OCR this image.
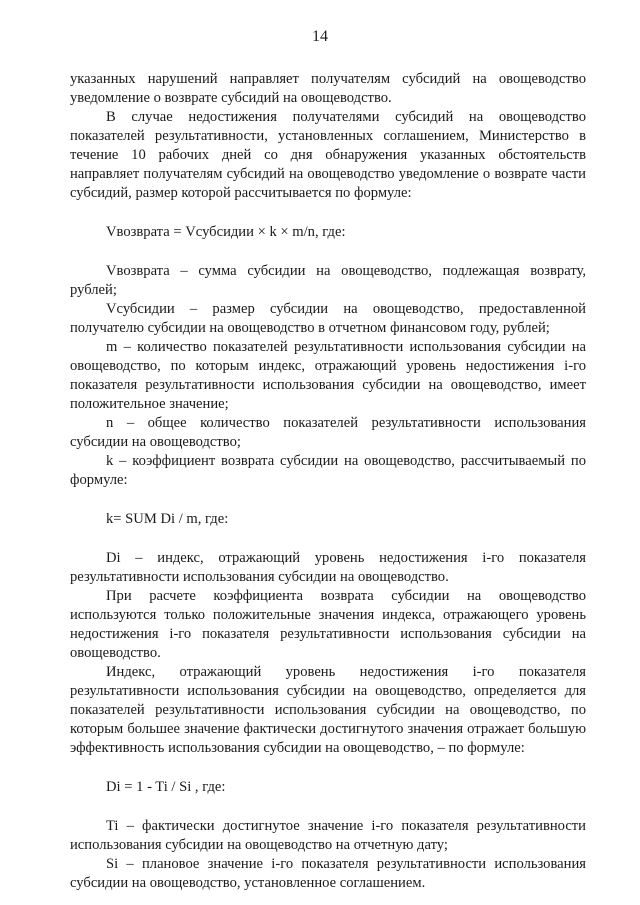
14

указанных нарушений направляет получателям субсидий на овощеводство уведомление о возврате субсидий на овощеводство.

В случае недостижения получателями субсидий на овощеводство показателей результативности, установленных соглашением, Министерство в течение 10 рабочих дней со дня обнаружения указанных обстоятельств направляет получателям субсидий на овощеводство уведомление о возврате части субсидий, размер которой рассчитывается по формуле:

Vвозврата = Vсубсидии × k × m/n, где:

Vвозврата – сумма субсидии на овощеводство, подлежащая возврату, рублей;

Vсубсидии – размер субсидии на овощеводство, предоставленной получателю субсидии на овощеводство в отчетном финансовом году, рублей;

m – количество показателей результативности использования субсидии на овощеводство, по которым индекс, отражающий уровень недостижения i-го показателя результативности использования субсидии на овощеводство, имеет положительное значение;

n – общее количество показателей результативности использования субсидии на овощеводство;

k – коэффициент возврата субсидии на овощеводство, рассчитываемый по формуле:

k= SUM Di / m, где:

Di – индекс, отражающий уровень недостижения i-го показателя результативности использования субсидии на овощеводство.

При расчете коэффициента возврата субсидии на овощеводство используются только положительные значения индекса, отражающего уровень недостижения i-го показателя результативности использования субсидии на овощеводство.

Индекс, отражающий уровень недостижения i-го показателя результативности использования субсидии на овощеводство, определяется для показателей результативности использования субсидии на овощеводство, по которым большее значение фактически достигнутого значения отражает большую эффективность использования субсидии на овощеводство, – по формуле:

Di = 1 - Ti / Si , где:

Ti – фактически достигнутое значение i-го показателя результативности использования субсидии на овощеводство на отчетную дату;

Si – плановое значение i-го показателя результативности использования субсидии на овощеводство, установленное соглашением.
